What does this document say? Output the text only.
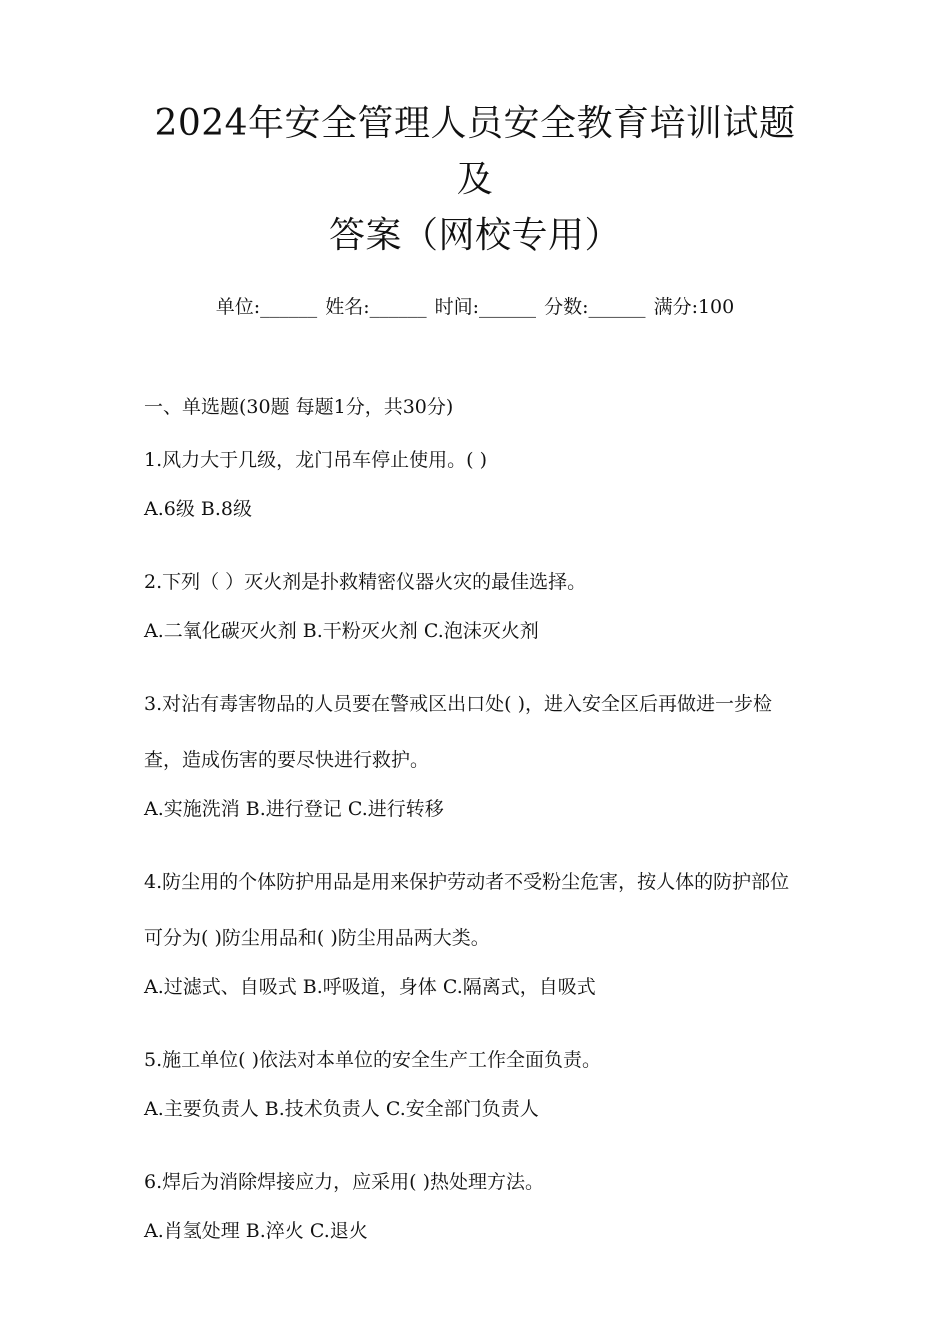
2024年安全管理人员安全教育培训试题及
答案（网校专用）
单位:______ 姓名:______ 时间:______ 分数:______ 满分:100
一、单选题(30题 每题1分，共30分)
1.风力大于几级，龙门吊车停止使用。( )
A.6级 B.8级
2.下列（ ）灭火剂是扑救精密仪器火灾的最佳选择。
A.二氧化碳灭火剂 B.干粉灭火剂 C.泡沫灭火剂
3.对沾有毒害物品的人员要在警戒区出口处( )，进入安全区后再做进一步检查，造成伤害的要尽快进行救护。
A.实施洗消 B.进行登记 C.进行转移
4.防尘用的个体防护用品是用来保护劳动者不受粉尘危害，按人体的防护部位可分为( )防尘用品和( )防尘用品两大类。
A.过滤式、自吸式 B.呼吸道，身体 C.隔离式，自吸式
5.施工单位( )依法对本单位的安全生产工作全面负责。
A.主要负责人 B.技术负责人 C.安全部门负责人
6.焊后为消除焊接应力，应采用( )热处理方法。
A.肖氢处理 B.淬火 C.退火
